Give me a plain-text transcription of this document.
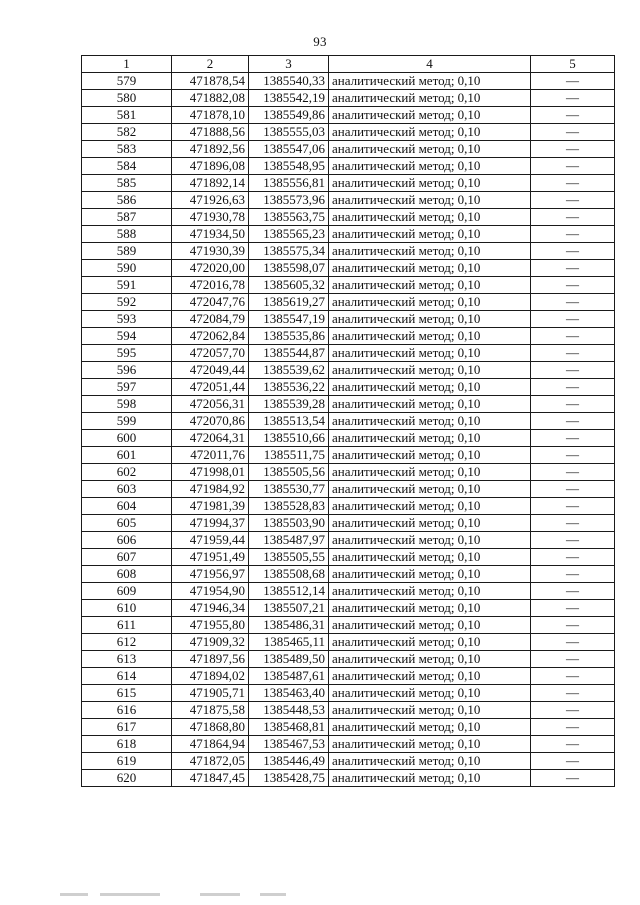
93
1	2	3	4	5
579	471878,54	1385540,33	аналитический метод; 0,10	—
580	471882,08	1385542,19	аналитический метод; 0,10	—
581	471878,10	1385549,86	аналитический метод; 0,10	—
582	471888,56	1385555,03	аналитический метод; 0,10	—
583	471892,56	1385547,06	аналитический метод; 0,10	—
584	471896,08	1385548,95	аналитический метод; 0,10	—
585	471892,14	1385556,81	аналитический метод; 0,10	—
586	471926,63	1385573,96	аналитический метод; 0,10	—
587	471930,78	1385563,75	аналитический метод; 0,10	—
588	471934,50	1385565,23	аналитический метод; 0,10	—
589	471930,39	1385575,34	аналитический метод; 0,10	—
590	472020,00	1385598,07	аналитический метод; 0,10	—
591	472016,78	1385605,32	аналитический метод; 0,10	—
592	472047,76	1385619,27	аналитический метод; 0,10	—
593	472084,79	1385547,19	аналитический метод; 0,10	—
594	472062,84	1385535,86	аналитический метод; 0,10	—
595	472057,70	1385544,87	аналитический метод; 0,10	—
596	472049,44	1385539,62	аналитический метод; 0,10	—
597	472051,44	1385536,22	аналитический метод; 0,10	—
598	472056,31	1385539,28	аналитический метод; 0,10	—
599	472070,86	1385513,54	аналитический метод; 0,10	—
600	472064,31	1385510,66	аналитический метод; 0,10	—
601	472011,76	1385511,75	аналитический метод; 0,10	—
602	471998,01	1385505,56	аналитический метод; 0,10	—
603	471984,92	1385530,77	аналитический метод; 0,10	—
604	471981,39	1385528,83	аналитический метод; 0,10	—
605	471994,37	1385503,90	аналитический метод; 0,10	—
606	471959,44	1385487,97	аналитический метод; 0,10	—
607	471951,49	1385505,55	аналитический метод; 0,10	—
608	471956,97	1385508,68	аналитический метод; 0,10	—
609	471954,90	1385512,14	аналитический метод; 0,10	—
610	471946,34	1385507,21	аналитический метод; 0,10	—
611	471955,80	1385486,31	аналитический метод; 0,10	—
612	471909,32	1385465,11	аналитический метод; 0,10	—
613	471897,56	1385489,50	аналитический метод; 0,10	—
614	471894,02	1385487,61	аналитический метод; 0,10	—
615	471905,71	1385463,40	аналитический метод; 0,10	—
616	471875,58	1385448,53	аналитический метод; 0,10	—
617	471868,80	1385468,81	аналитический метод; 0,10	—
618	471864,94	1385467,53	аналитический метод; 0,10	—
619	471872,05	1385446,49	аналитический метод; 0,10	—
620	471847,45	1385428,75	аналитический метод; 0,10	—
